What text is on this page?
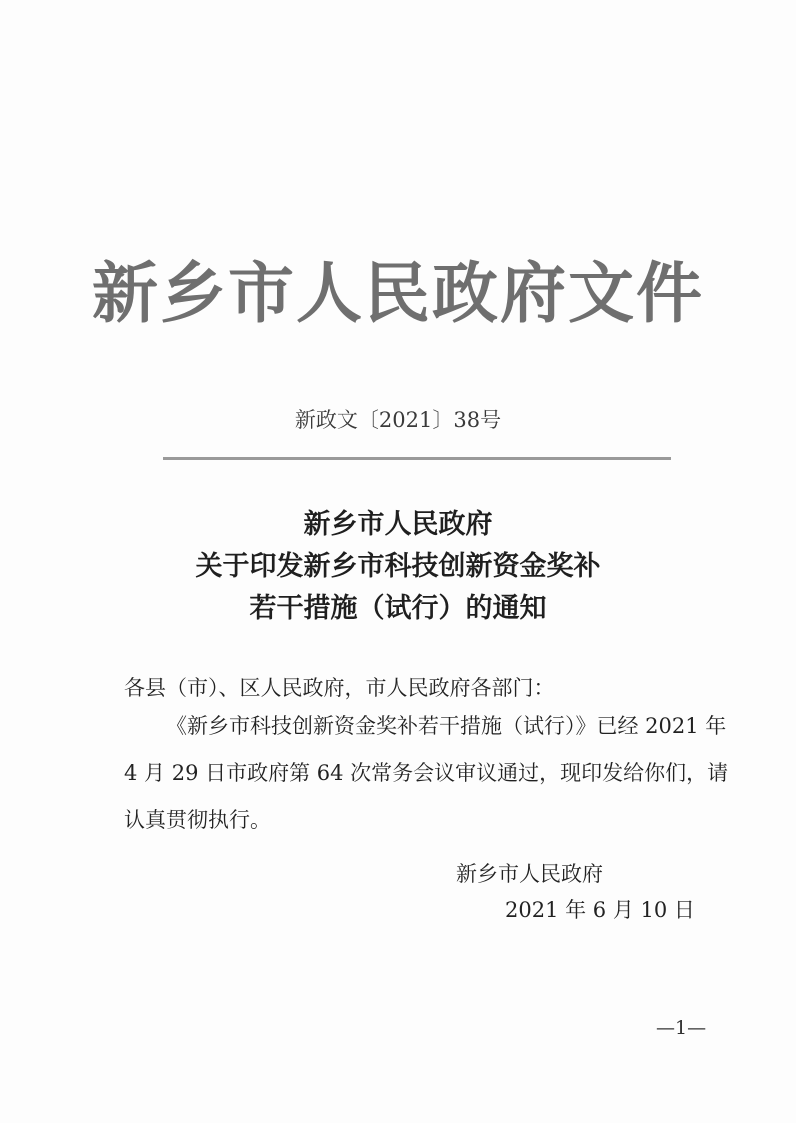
新乡市人民政府文件
新政文〔2021〕38号
新乡市人民政府
关于印发新乡市科技创新资金奖补
若干措施（试行）的通知
各县（市）、区人民政府，市人民政府各部门：
《新乡市科技创新资金奖补若干措施（试行）》已经 2021 年
4 月 29 日市政府第 64 次常务会议审议通过，现印发给你们，请
认真贯彻执行。
新乡市人民政府
2021 年 6 月 10 日
—1—
